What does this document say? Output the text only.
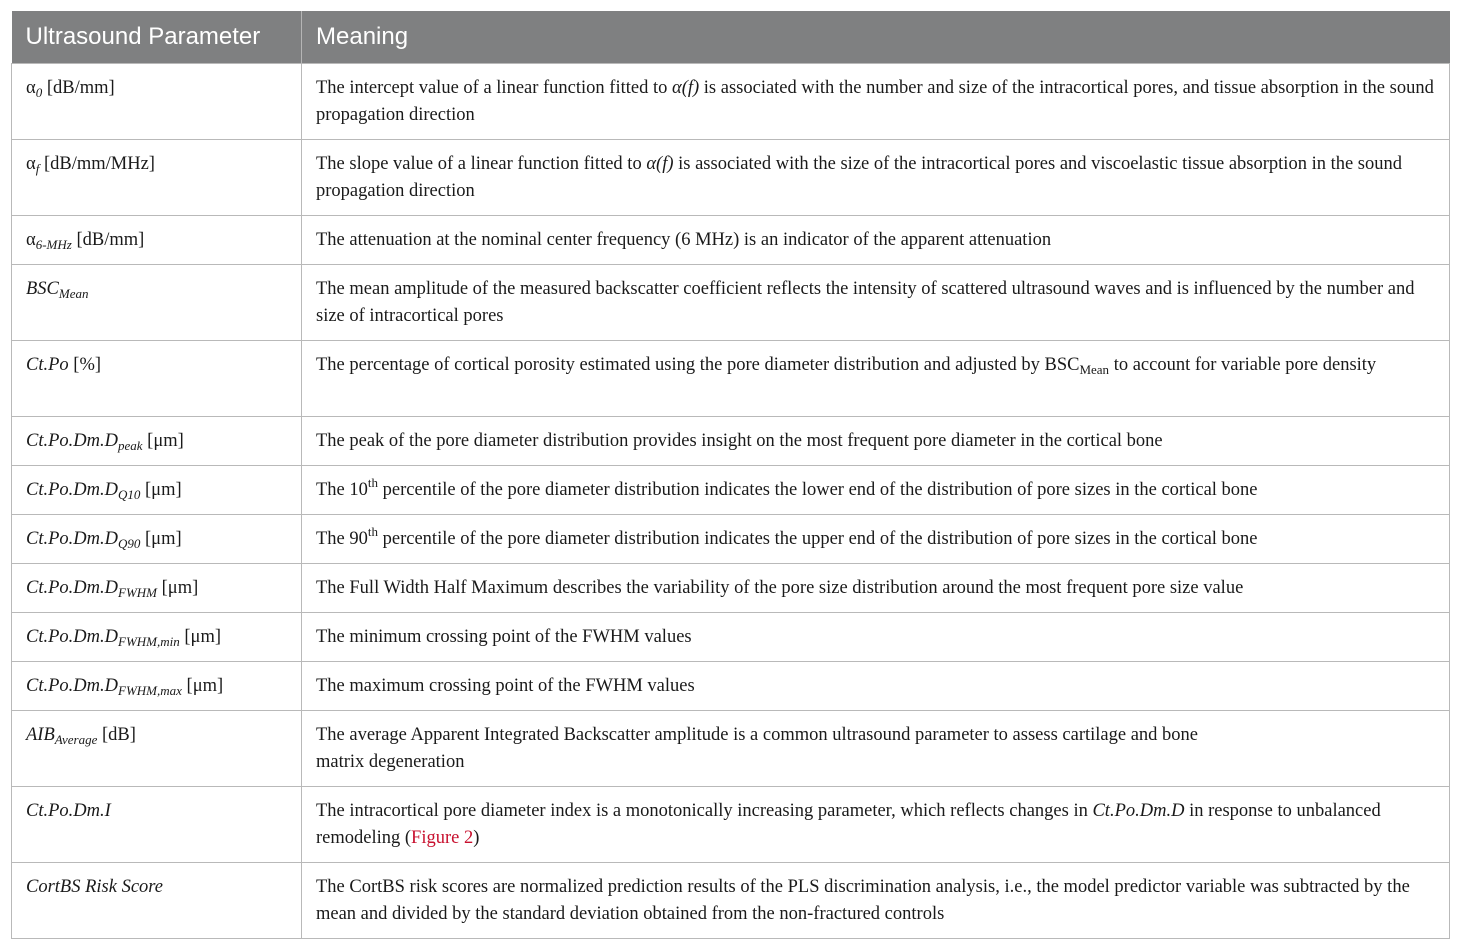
Ultrasound Parameter	Meaning
$\alpha_0$ [dB/mm]	The intercept value of a linear function fitted to α(f) is associated with the number and size of the intracortical pores, and tissue absorption in the sound propagation direction
$\alpha_f$ [dB/mm/MHz]	The slope value of a linear function fitted to α(f) is associated with the size of the intracortical pores and viscoelastic tissue absorption in the sound propagation direction
$\alpha_{6-MHz}$ [dB/mm]	The attenuation at the nominal center frequency (6 MHz) is an indicator of the apparent attenuation
$BSC_{Mean}$	The mean amplitude of the measured backscatter coefficient reflects the intensity of scattered ultrasound waves and is influenced by the number and size of intracortical pores
Ct.Po [%]	The percentage of cortical porosity estimated using the pore diameter distribution and adjusted by $BSC_{Mean}$ to account for variable pore density
$Ct.Po.Dm.D_{peak}$ [μm]	The peak of the pore diameter distribution provides insight on the most frequent pore diameter in the cortical bone
$Ct.Po.Dm.D_{Q10}$ [μm]	The 10th percentile of the pore diameter distribution indicates the lower end of the distribution of pore sizes in the cortical bone
$Ct.Po.Dm.D_{Q90}$ [μm]	The 90th percentile of the pore diameter distribution indicates the upper end of the distribution of pore sizes in the cortical bone
$Ct.Po.Dm.D_{FWHM}$ [μm]	The Full Width Half Maximum describes the variability of the pore size distribution around the most frequent pore size value
$Ct.Po.Dm.D_{FWHM,min}$ [μm]	The minimum crossing point of the FWHM values
$Ct.Po.Dm.D_{FWHM,max}$ [μm]	The maximum crossing point of the FWHM values
$AIB_{Average}$ [dB]	The average Apparent Integrated Backscatter amplitude is a common ultrasound parameter to assess cartilage and bone
matrix degeneration
Ct.Po.Dm.I	The intracortical pore diameter index is a monotonically increasing parameter, which reflects changes in Ct.Po.Dm.D in response to unbalanced remodeling (Figure 2)
CortBS Risk Score	The CortBS risk scores are normalized prediction results of the PLS discrimination analysis, i.e., the model predictor variable was subtracted by the mean and divided by the standard deviation obtained from the non-fractured controls
